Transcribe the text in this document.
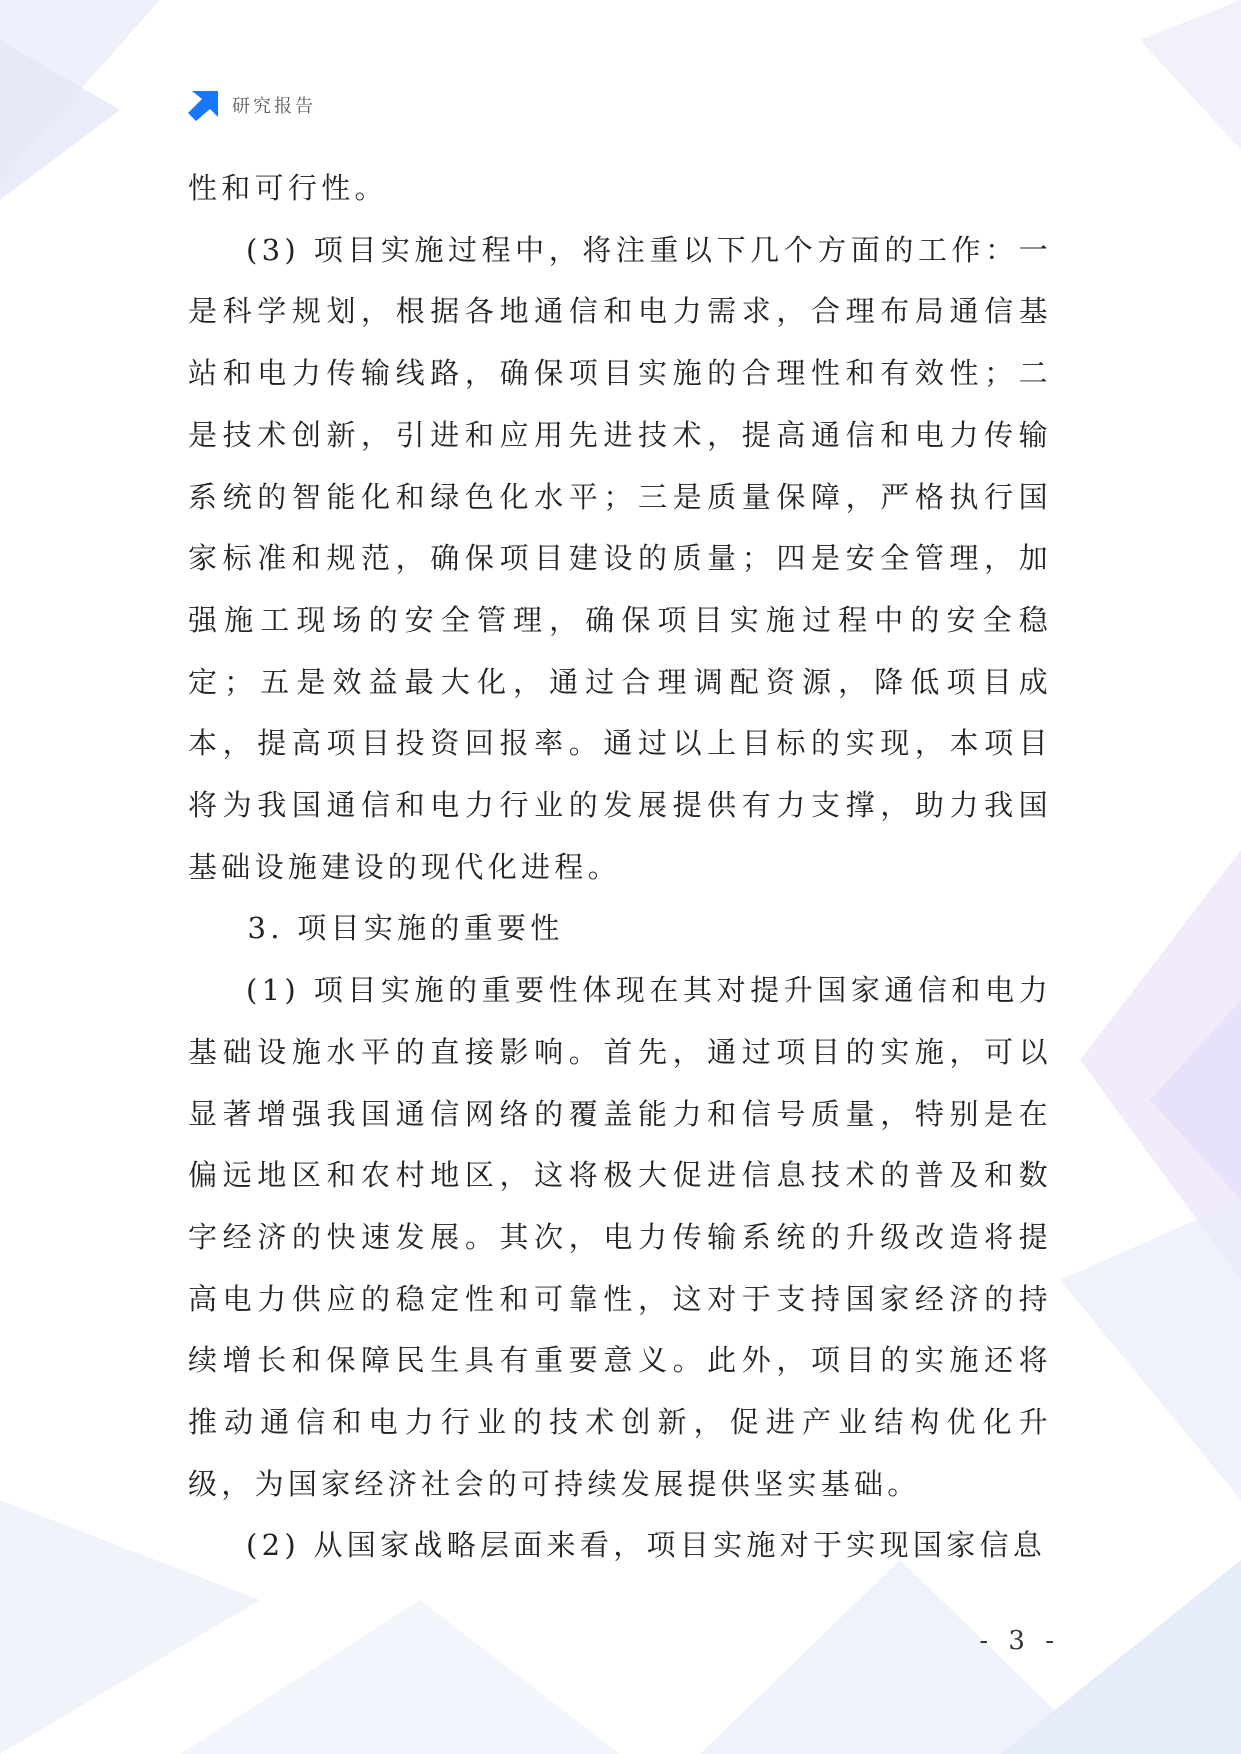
研究报告

性和可行性。

(3) 项目实施过程中，将注重以下几个方面的工作：一是科学规划，根据各地通信和电力需求，合理布局通信基站和电力传输线路，确保项目实施的合理性和有效性；二是技术创新，引进和应用先进技术，提高通信和电力传输系统的智能化和绿色化水平；三是质量保障，严格执行国家标准和规范，确保项目建设的质量；四是安全管理，加强施工现场的安全管理，确保项目实施过程中的安全稳定；五是效益最大化，通过合理调配资源，降低项目成本，提高项目投资回报率。通过以上目标的实现，本项目将为我国通信和电力行业的发展提供有力支撑，助力我国基础设施建设的现代化进程。

3. 项目实施的重要性

(1) 项目实施的重要性体现在其对提升国家通信和电力基础设施水平的直接影响。首先，通过项目的实施，可以显著增强我国通信网络的覆盖能力和信号质量，特别是在偏远地区和农村地区，这将极大促进信息技术的普及和数字经济的快速发展。其次，电力传输系统的升级改造将提高电力供应的稳定性和可靠性，这对于支持国家经济的持续增长和保障民生具有重要意义。此外，项目的实施还将推动通信和电力行业的技术创新，促进产业结构优化升级，为国家经济社会的可持续发展提供坚实基础。

(2) 从国家战略层面来看，项目实施对于实现国家信息

- 3 -
